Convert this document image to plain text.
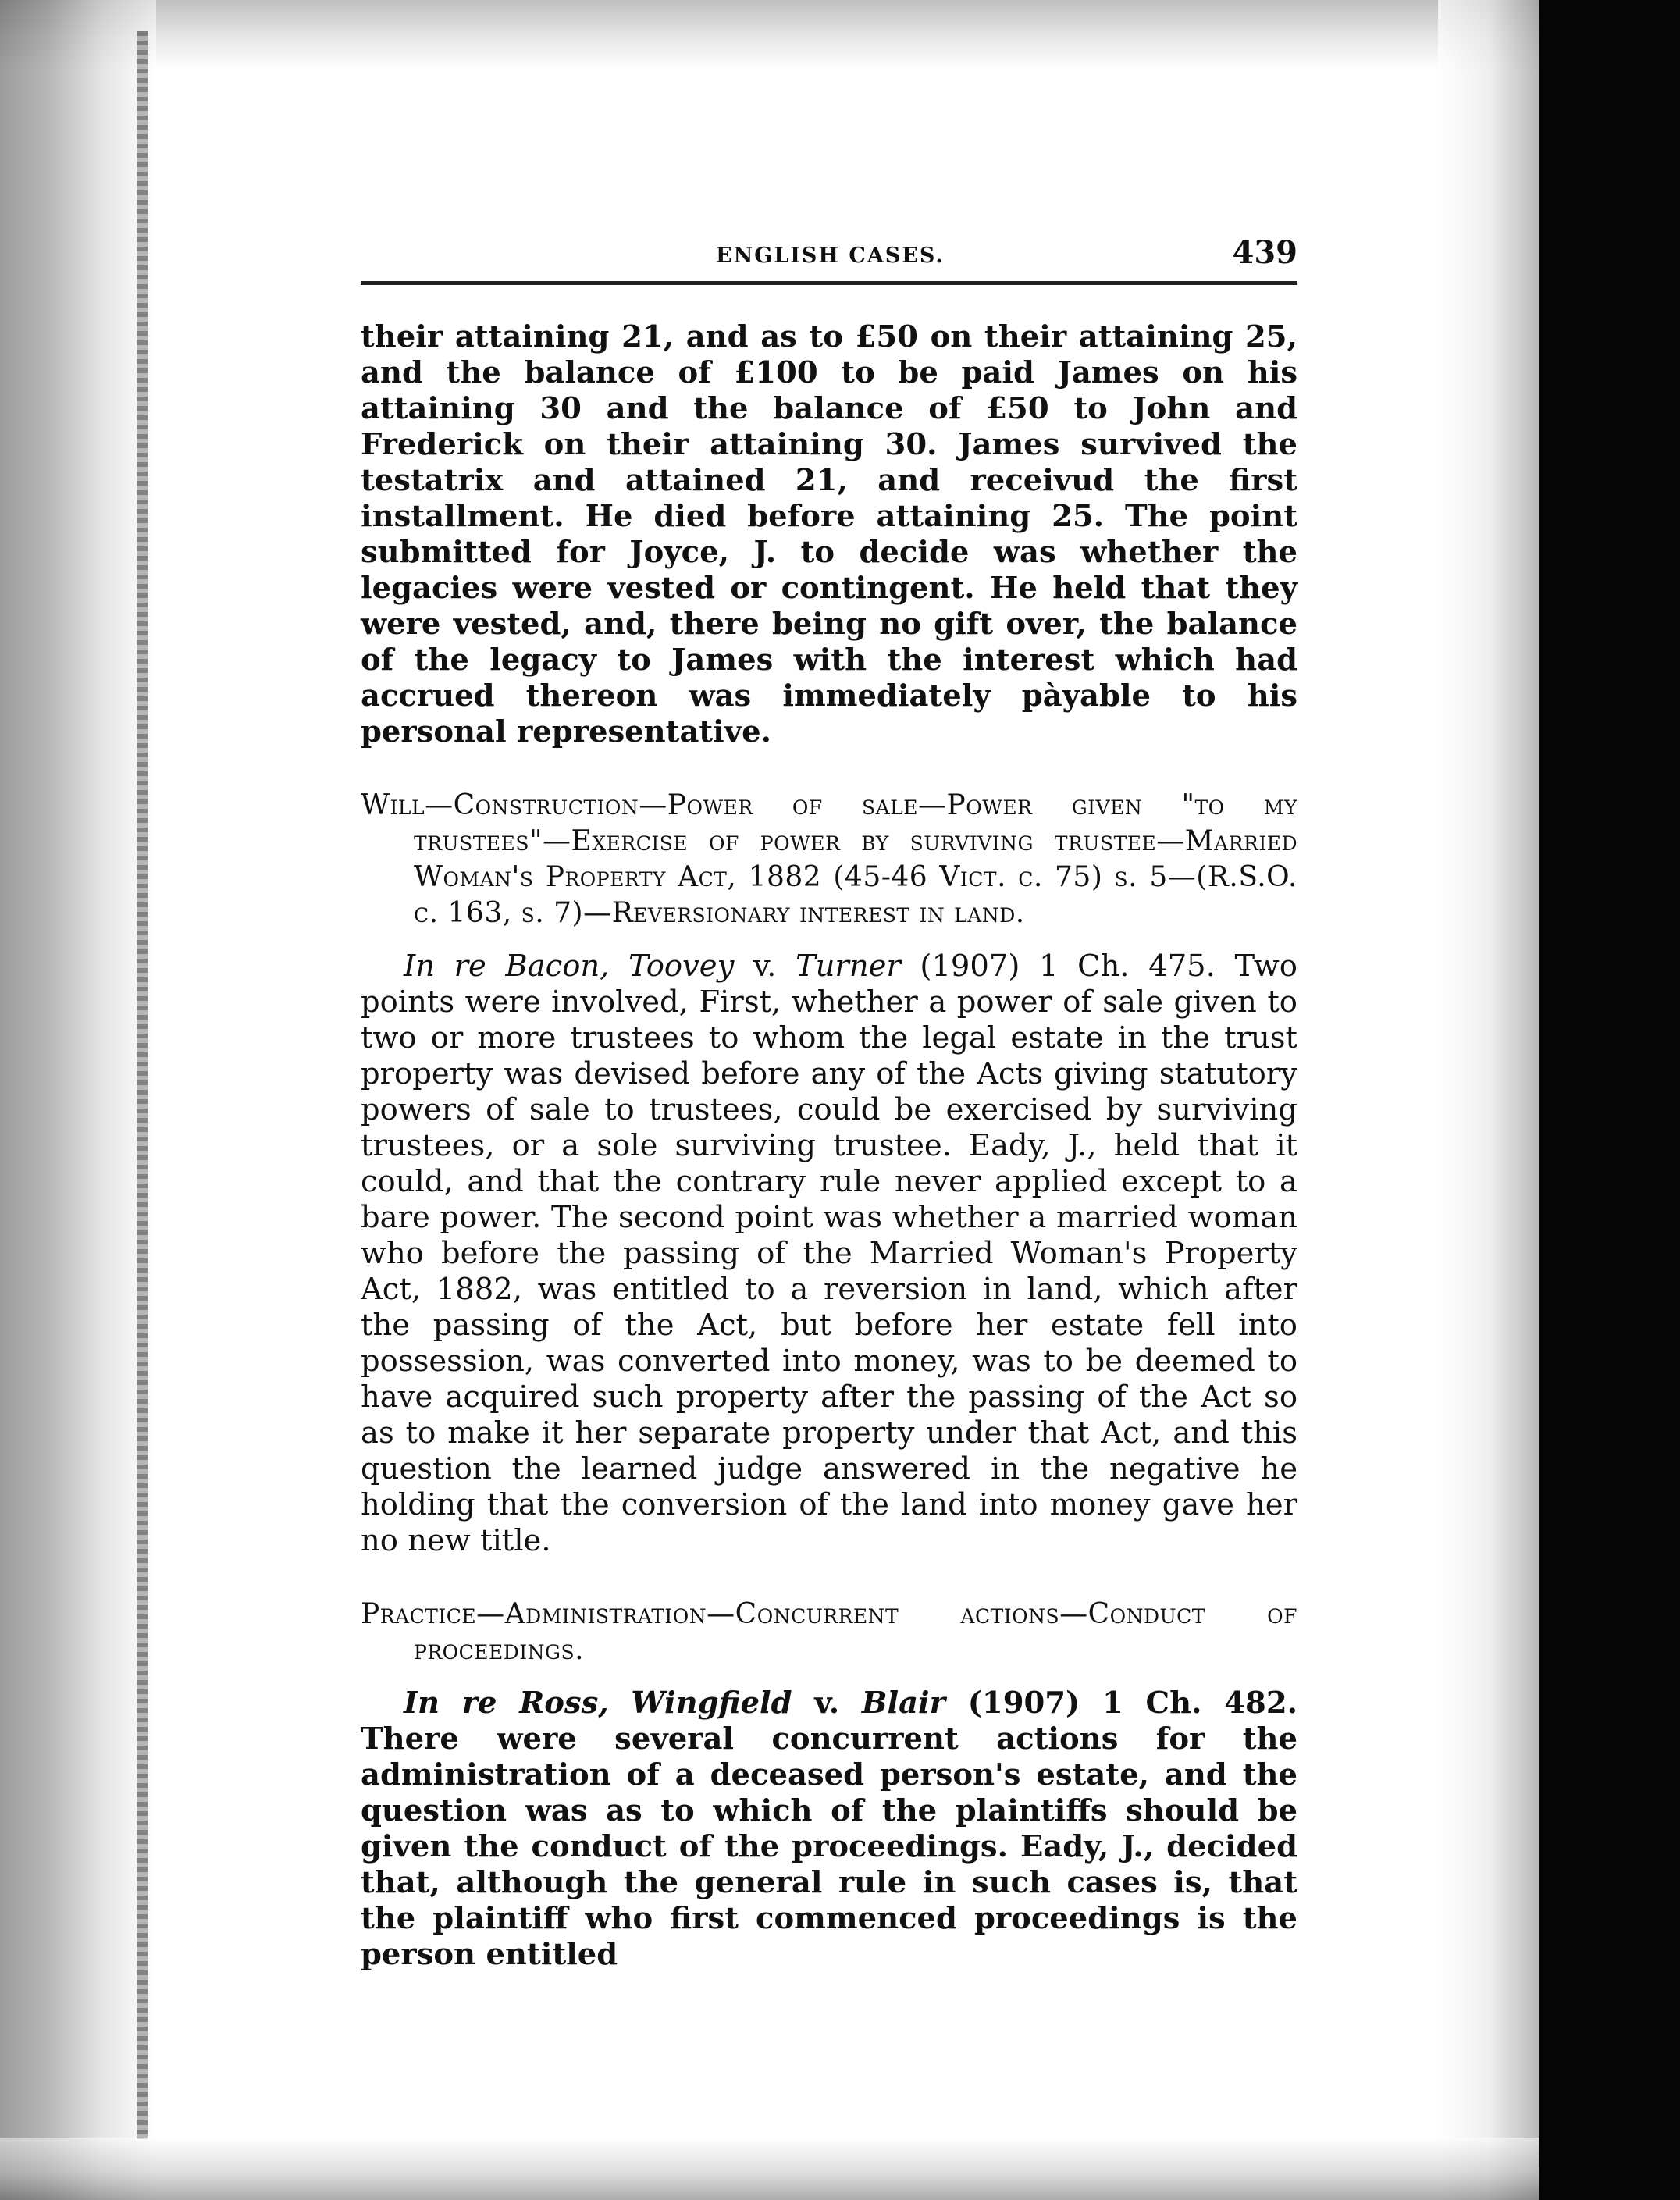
ENGLISH CASES.	439

their attaining 21, and as to £50 on their attaining 25, and the balance of £100 to be paid James on his attaining 30 and the balance of £50 to John and Frederick on their attaining 30. James survived the testatrix and attained 21, and receivud the first installment. He died before attaining 25. The point submitted for Joyce, J. to decide was whether the legacies were vested or contingent. He held that they were vested, and, there being no gift over, the balance of the legacy to James with the interest which had accrued thereon was immediately pàyable to his personal representative.

Will—Construction—Power of sale—Power given "to my trustees"—Exercise of power by surviving trustee—Married Woman's Property Act, 1882 (45-46 Vict. c. 75) s. 5—(R.S.O. c. 163, s. 7)—Reversionary interest in land.

In re Bacon, Toovey v. Turner (1907) 1 Ch. 475. Two points were involved, First, whether a power of sale given to two or more trustees to whom the legal estate in the trust property was devised before any of the Acts giving statutory powers of sale to trustees, could be exercised by surviving trustees, or a sole surviving trustee. Eady, J., held that it could, and that the contrary rule never applied except to a bare power. The second point was whether a married woman who before the passing of the Married Woman's Property Act, 1882, was entitled to a reversion in land, which after the passing of the Act, but before her estate fell into possession, was converted into money, was to be deemed to have acquired such property after the passing of the Act so as to make it her separate property under that Act, and this question the learned judge answered in the negative he holding that the conversion of the land into money gave her no new title.

Practice—Administration—Concurrent actions—Conduct of proceedings.

In re Ross, Wingfield v. Blair (1907) 1 Ch. 482. There were several concurrent actions for the administration of a deceased person's estate, and the question was as to which of the plaintiffs should be given the conduct of the proceedings. Eady, J., decided that, although the general rule in such cases is, that the plaintiff who first commenced proceedings is the person entitled
